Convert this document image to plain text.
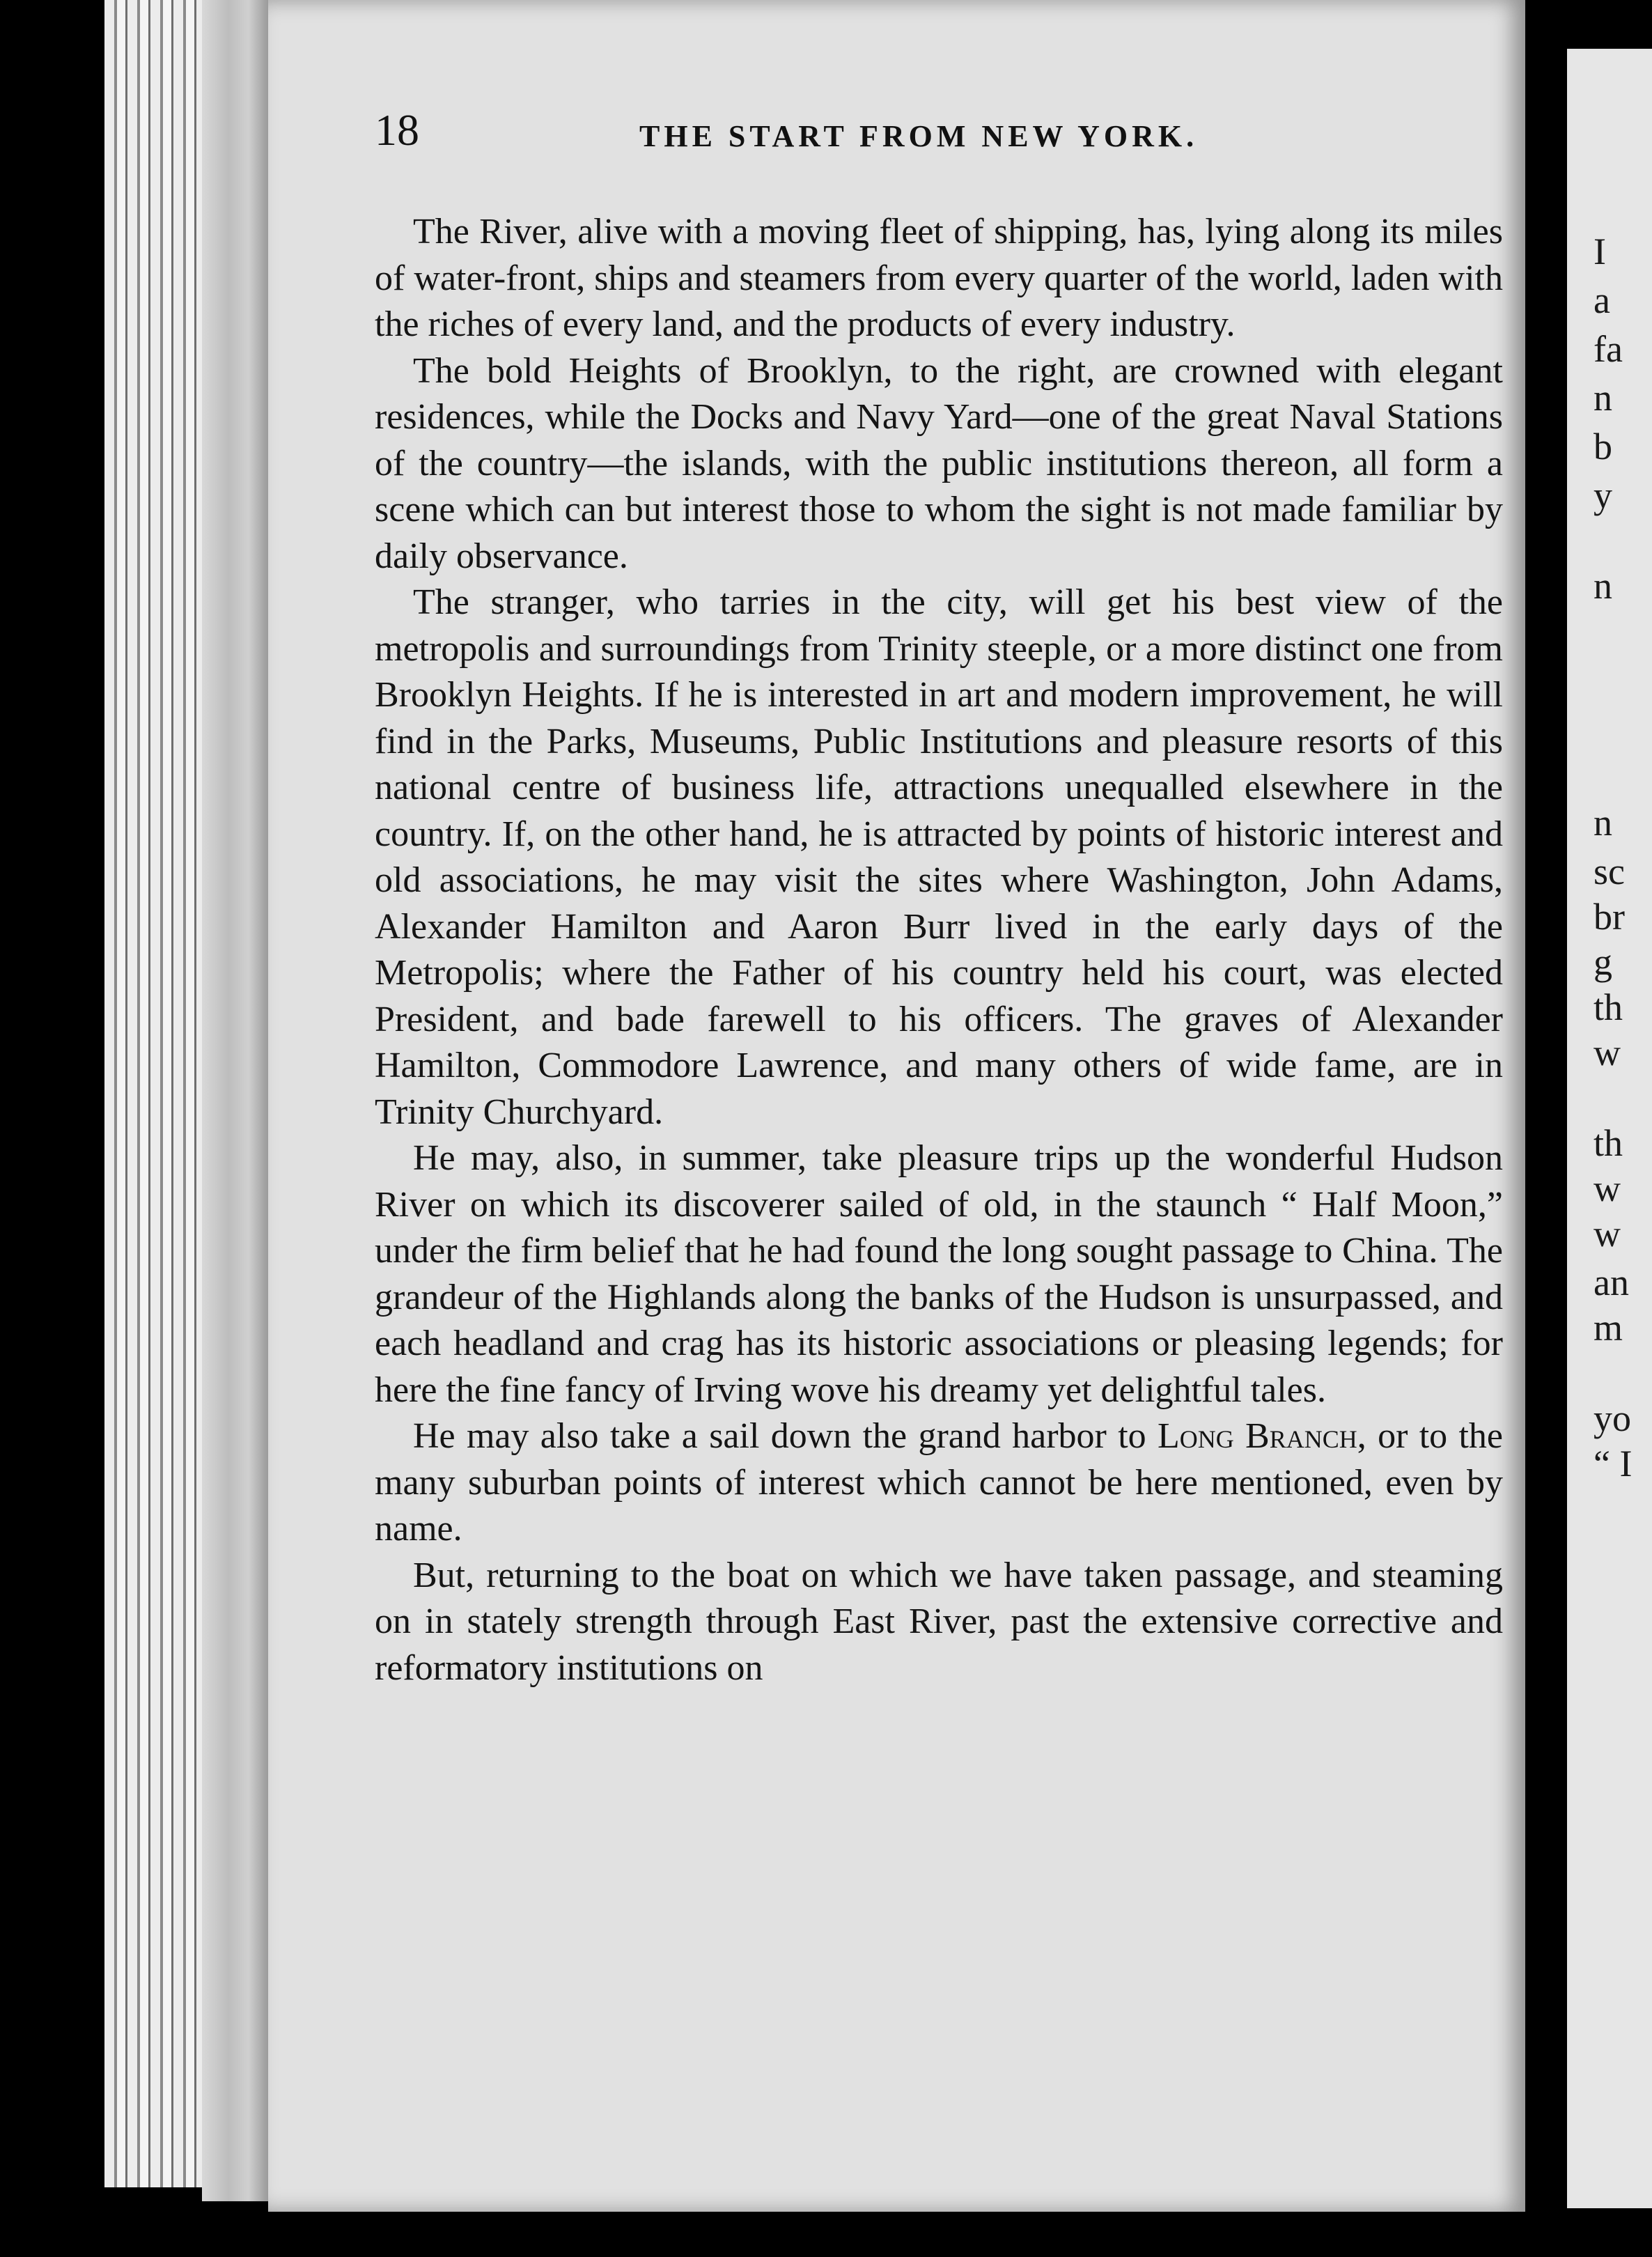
I
a
fa
n
b
y
n
n
sc
br
g
th
w
th
w
w
an
m
yo
“ I
18	THE START FROM NEW YORK.

The River, alive with a moving fleet of shipping, has, lying along its miles of water-front, ships and steamers from every quarter of the world, laden with the riches of every land, and the products of every industry.

The bold Heights of Brooklyn, to the right, are crowned with elegant residences, while the Docks and Navy Yard—one of the great Naval Stations of the country—the islands, with the public institutions thereon, all form a scene which can but interest those to whom the sight is not made familiar by daily observance.

The stranger, who tarries in the city, will get his best view of the metropolis and surroundings from Trinity steeple, or a more distinct one from Brooklyn Heights. If he is interested in art and modern improvement, he will find in the Parks, Museums, Public Institutions and pleasure resorts of this national centre of business life, attractions unequalled elsewhere in the country. If, on the other hand, he is attracted by points of historic interest and old associations, he may visit the sites where Washington, John Adams, Alexander Hamilton and Aaron Burr lived in the early days of the Metropolis; where the Father of his country held his court, was elected President, and bade farewell to his officers. The graves of Alexander Hamilton, Commodore Lawrence, and many others of wide fame, are in Trinity Churchyard.

He may, also, in summer, take pleasure trips up the wonderful Hudson River on which its discoverer sailed of old, in the staunch “ Half Moon,” under the firm belief that he had found the long sought passage to China. The grandeur of the Highlands along the banks of the Hudson is unsurpassed, and each headland and crag has its historic associations or pleasing legends; for here the fine fancy of Irving wove his dreamy yet delightful tales.

He may also take a sail down the grand harbor to Long Branch, or to the many suburban points of interest which cannot be here mentioned, even by name.

But, returning to the boat on which we have taken passage, and steaming on in stately strength through East River, past the extensive corrective and reformatory institutions on
